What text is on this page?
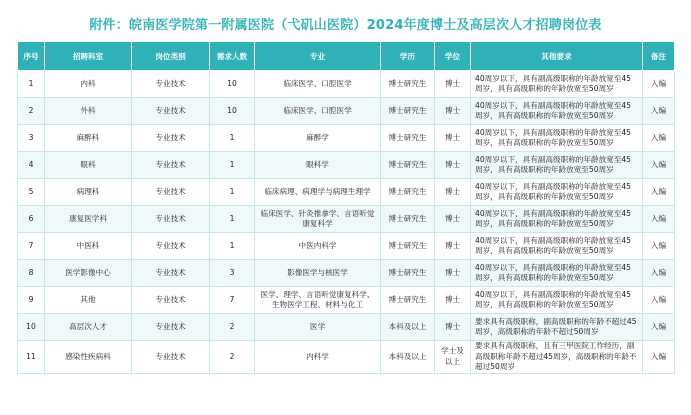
附件：皖南医学院第一附属医院（弋矶山医院）2024年度博士及高层次人才招聘岗位表
序号	招聘科室	岗位类别	需求人数	专业	学历	学位	其他要求	备注
1	内科	专业技术	10	临床医学、口腔医学	博士研究生	博士	40周岁以下，具有副高级职称的年龄放宽至45周岁，具有高级职称的年龄放宽至50周岁	入编
2	外科	专业技术	10	临床医学、口腔医学	博士研究生	博士	40周岁以下，具有副高级职称的年龄放宽至45周岁，具有高级职称的年龄放宽至50周岁	入编
3	麻醉科	专业技术	1	麻醉学	博士研究生	博士	40周岁以下，具有副高级职称的年龄放宽至45周岁，具有高级职称的年龄放宽至50周岁	入编
4	眼科	专业技术	1	眼科学	博士研究生	博士	40周岁以下，具有副高级职称的年龄放宽至45周岁，具有高级职称的年龄放宽至50周岁	入编
5	病理科	专业技术	1	临床病理、病理学与病理生理学	博士研究生	博士	40周岁以下，具有副高级职称的年龄放宽至45周岁，具有高级职称的年龄放宽至50周岁	入编
6	康复医学科	专业技术	1	临床医学、针灸推拿学、言语听觉康复科学	博士研究生	博士	40周岁以下，具有副高级职称的年龄放宽至45周岁，具有高级职称的年龄放宽至50周岁	入编
7	中医科	专业技术	1	中医内科学	博士研究生	博士	40周岁以下，具有副高级职称的年龄放宽至45周岁，具有高级职称的年龄放宽至50周岁	入编
8	医学影像中心	专业技术	3	影像医学与核医学	博士研究生	博士	40周岁以下，具有副高级职称的年龄放宽至45周岁，具有高级职称的年龄放宽至50周岁	入编
9	其他	专业技术	7	医学、理学、言语听觉康复科学、生物医学工程、材料与化工	博士研究生	博士	40周岁以下，具有副高级职称的年龄放宽至45周岁，具有高级职称的年龄放宽至50周岁	入编
10	高层次人才	专业技术	2	医学	本科及以上	博士	要求具有高级职称，副高级职称的年龄不超过45周岁，高级职称的年龄不超过50周岁	入编
11	感染性疾病科	专业技术	2	内科学	本科及以上	学士及以上	要求具有高级职称，且有三甲医院工作经历，副高级职称年龄不超过45周岁，高级职称的年龄不超过50周岁	入编
